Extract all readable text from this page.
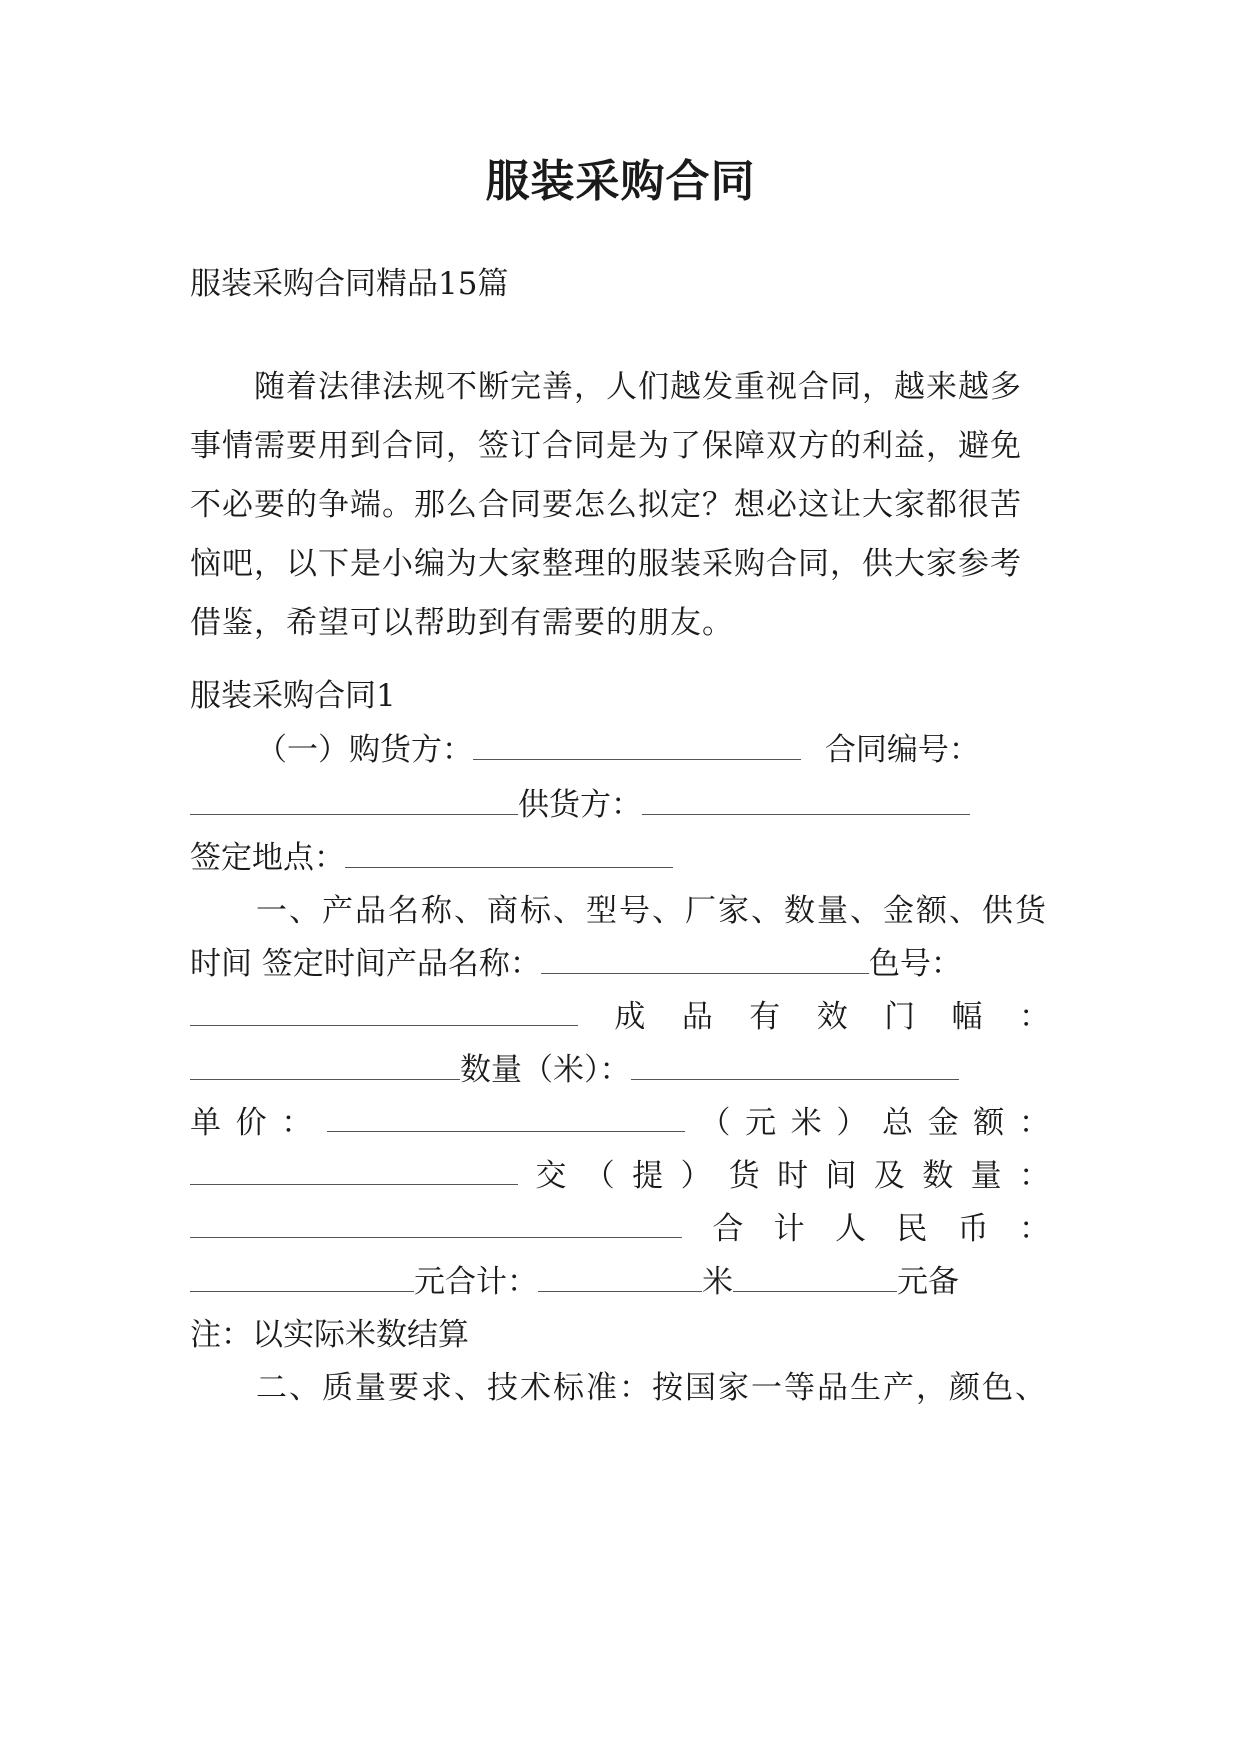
服装采购合同
服装采购合同精品15篇
随着法律法规不断完善，人们越发重视合同，越来越多事情需要用到合同，签订合同是为了保障双方的利益，避免不必要的争端。那么合同要怎么拟定？想必这让大家都很苦恼吧，以下是小编为大家整理的服装采购合同，供大家参考借鉴，希望可以帮助到有需要的朋友。
服装采购合同1
（一）购货方：	合同编号：
供货方：
签定地点：
一、产品名称、商标、型号、厂家、数量、金额、供货
时间 签定时间产品名称：	色号：
成 品 有 效 门 幅 ：
数量（米）：
单 价 ：	（ 元 米 ） 总 金 额 ：
交 （ 提 ） 货 时 间 及 数 量 ：
合 计 人 民 币 ：
元合计：	米	元备
注：以实际米数结算
二、质量要求、技术标准：按国家一等品生产，颜色、
